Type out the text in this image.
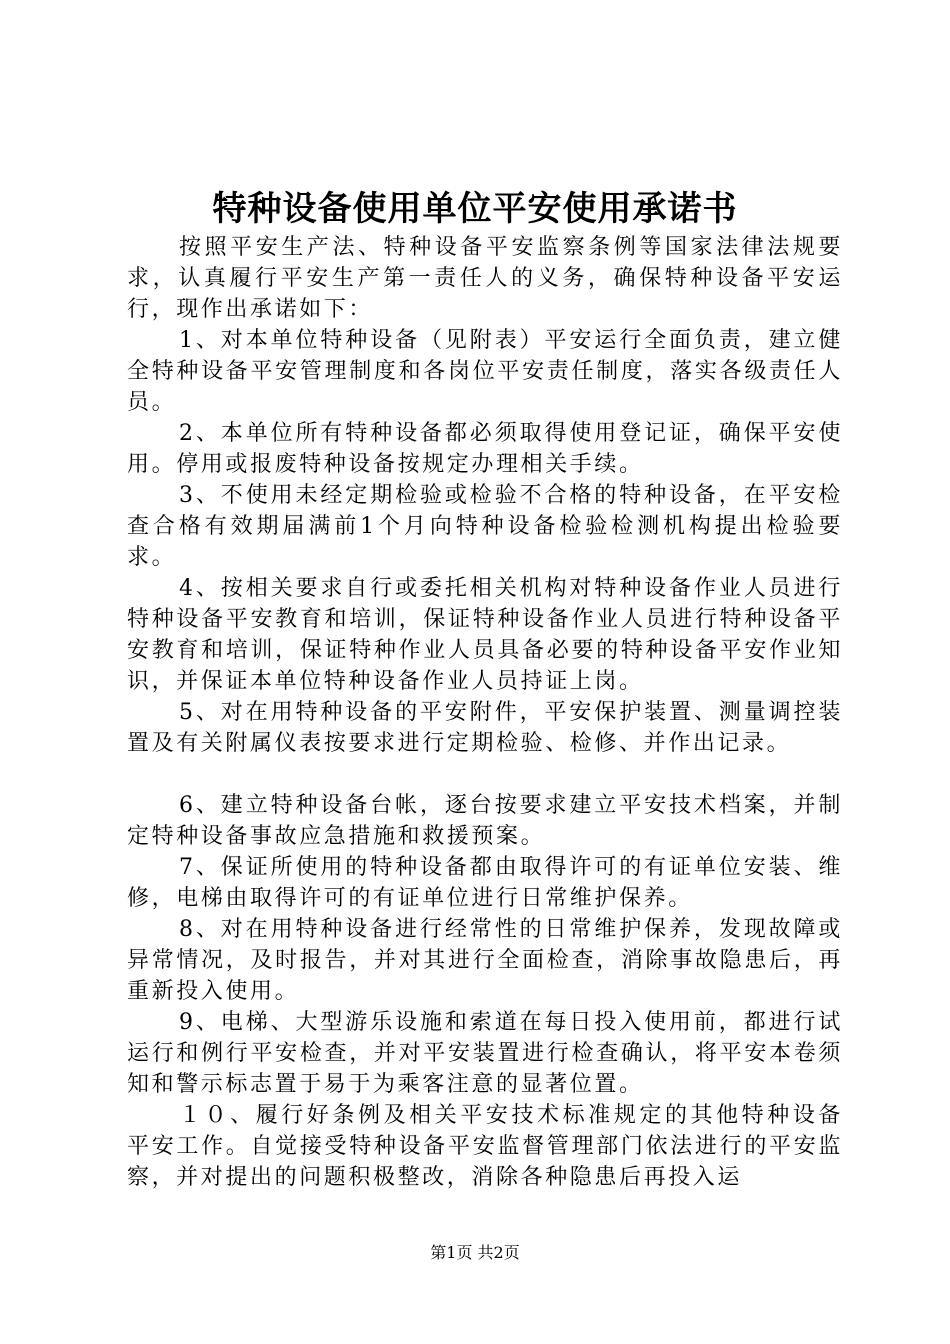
特种设备使用单位平安使用承诺书

按照平安生产法、特种设备平安监察条例等国家法律法规要求，认真履行平安生产第一责任人的义务，确保特种设备平安运行，现作出承诺如下：

1、对本单位特种设备（见附表）平安运行全面负责，建立健全特种设备平安管理制度和各岗位平安责任制度，落实各级责任人员。

2、本单位所有特种设备都必须取得使用登记证，确保平安使用。停用或报废特种设备按规定办理相关手续。

3、不使用未经定期检验或检验不合格的特种设备，在平安检查合格有效期届满前1个月向特种设备检验检测机构提出检验要求。

4、按相关要求自行或委托相关机构对特种设备作业人员进行特种设备平安教育和培训，保证特种设备作业人员进行特种设备平安教育和培训，保证特种作业人员具备必要的特种设备平安作业知识，并保证本单位特种设备作业人员持证上岗。

5、对在用特种设备的平安附件，平安保护装置、测量调控装置及有关附属仪表按要求进行定期检验、检修、并作出记录。

6、建立特种设备台帐，逐台按要求建立平安技术档案，并制定特种设备事故应急措施和救援预案。

7、保证所使用的特种设备都由取得许可的有证单位安装、维修，电梯由取得许可的有证单位进行日常维护保养。

8、对在用特种设备进行经常性的日常维护保养，发现故障或异常情况，及时报告，并对其进行全面检查，消除事故隐患后，再重新投入使用。

9、电梯、大型游乐设施和索道在每日投入使用前，都进行试运行和例行平安检查，并对平安装置进行检查确认，将平安本卷须知和警示标志置于易于为乘客注意的显著位置。

１０、履行好条例及相关平安技术标准规定的其他特种设备平安工作。自觉接受特种设备平安监督管理部门依法进行的平安监察，并对提出的问题积极整改，消除各种隐患后再投入运

第1页 共2页
